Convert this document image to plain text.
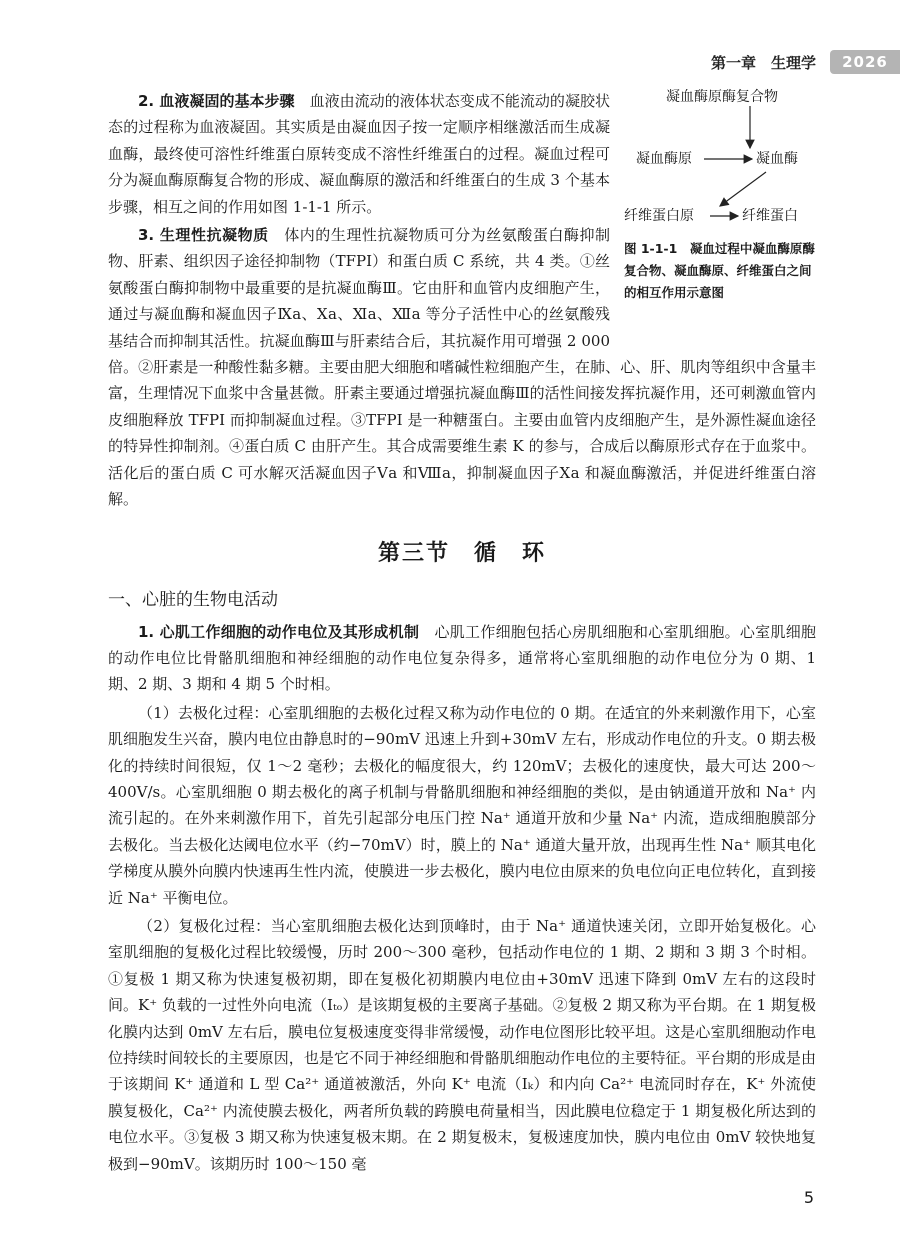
第一章　生理学	2026
凝血酶原酶复合物
凝血酶原	凝血酶
纤维蛋白原	纤维蛋白
图 1-1-1　凝血过程中凝血酶原酶复合物、凝血酶原、纤维蛋白之间的相互作用示意图

2. 血液凝固的基本步骤　血液由流动的液体状态变成不能流动的凝胶状态的过程称为血液凝固。其实质是由凝血因子按一定顺序相继激活而生成凝血酶，最终使可溶性纤维蛋白原转变成不溶性纤维蛋白的过程。凝血过程可分为凝血酶原酶复合物的形成、凝血酶原的激活和纤维蛋白的生成 3 个基本步骤，相互之间的作用如图 1-1-1 所示。

3. 生理性抗凝物质　体内的生理性抗凝物质可分为丝氨酸蛋白酶抑制物、肝素、组织因子途径抑制物（TFPI）和蛋白质 C 系统，共 4 类。①丝氨酸蛋白酶抑制物中最重要的是抗凝血酶Ⅲ。它由肝和血管内皮细胞产生，通过与凝血酶和凝血因子Ⅸa、Ⅹa、Ⅺa、Ⅻa 等分子活性中心的丝氨酸残基结合而抑制其活性。抗凝血酶Ⅲ与肝素结合后，其抗凝作用可增强 2 000 倍。②肝素是一种酸性黏多糖。主要由肥大细胞和嗜碱性粒细胞产生，在肺、心、肝、肌肉等组织中含量丰富，生理情况下血浆中含量甚微。肝素主要通过增强抗凝血酶Ⅲ的活性间接发挥抗凝作用，还可刺激血管内皮细胞释放 TFPI 而抑制凝血过程。③TFPI 是一种糖蛋白。主要由血管内皮细胞产生，是外源性凝血途径的特异性抑制剂。④蛋白质 C 由肝产生。其合成需要维生素 K 的参与，合成后以酶原形式存在于血浆中。活化后的蛋白质 C 可水解灭活凝血因子Ⅴa 和Ⅷa，抑制凝血因子Ⅹa 和凝血酶激活，并促进纤维蛋白溶解。

第三节　循　环
一、心脏的生物电活动

1. 心肌工作细胞的动作电位及其形成机制　心肌工作细胞包括心房肌细胞和心室肌细胞。心室肌细胞的动作电位比骨骼肌细胞和神经细胞的动作电位复杂得多，通常将心室肌细胞的动作电位分为 0 期、1 期、2 期、3 期和 4 期 5 个时相。

（1）去极化过程：心室肌细胞的去极化过程又称为动作电位的 0 期。在适宜的外来刺激作用下，心室肌细胞发生兴奋，膜内电位由静息时的−90mV 迅速上升到+30mV 左右，形成动作电位的升支。0 期去极化的持续时间很短，仅 1～2 毫秒；去极化的幅度很大，约 120mV；去极化的速度快，最大可达 200～400V/s。心室肌细胞 0 期去极化的离子机制与骨骼肌细胞和神经细胞的类似，是由钠通道开放和 Na⁺ 内流引起的。在外来刺激作用下，首先引起部分电压门控 Na⁺ 通道开放和少量 Na⁺ 内流，造成细胞膜部分去极化。当去极化达阈电位水平（约−70mV）时，膜上的 Na⁺ 通道大量开放，出现再生性 Na⁺ 顺其电化学梯度从膜外向膜内快速再生性内流，使膜进一步去极化，膜内电位由原来的负电位向正电位转化，直到接近 Na⁺ 平衡电位。

（2）复极化过程：当心室肌细胞去极化达到顶峰时，由于 Na⁺ 通道快速关闭，立即开始复极化。心室肌细胞的复极化过程比较缓慢，历时 200～300 毫秒，包括动作电位的 1 期、2 期和 3 期 3 个时相。①复极 1 期又称为快速复极初期，即在复极化初期膜内电位由+30mV 迅速下降到 0mV 左右的这段时间。K⁺ 负载的一过性外向电流（Iₜₒ）是该期复极的主要离子基础。②复极 2 期又称为平台期。在 1 期复极化膜内达到 0mV 左右后，膜电位复极速度变得非常缓慢，动作电位图形比较平坦。这是心室肌细胞动作电位持续时间较长的主要原因，也是它不同于神经细胞和骨骼肌细胞动作电位的主要特征。平台期的形成是由于该期间 K⁺ 通道和 L 型 Ca²⁺ 通道被激活，外向 K⁺ 电流（Iₖ）和内向 Ca²⁺ 电流同时存在，K⁺ 外流使膜复极化，Ca²⁺ 内流使膜去极化，两者所负载的跨膜电荷量相当，因此膜电位稳定于 1 期复极化所达到的电位水平。③复极 3 期又称为快速复极末期。在 2 期复极末，复极速度加快，膜内电位由 0mV 较快地复极到−90mV。该期历时 100～150 毫

5
